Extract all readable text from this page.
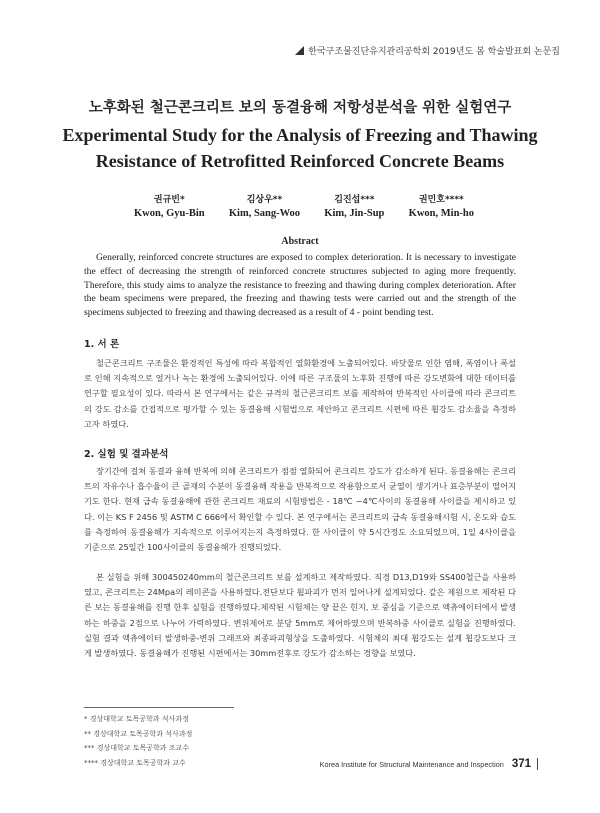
한국구조물진단유지관리공학회 2019년도 봄 학술발표회 논문집
노후화된 철근콘크리트 보의 동결융해 저항성분석을 위한 실험연구
Experimental Study for the Analysis of Freezing and Thawing
Resistance of Retrofitted Reinforced Concrete Beams
권규빈*
Kwon, Gyu-Bin
김상우**
Kim, Sang-Woo
김진섭***
Kim, Jin-Sup
권민호****
Kwon, Min-ho
Abstract
Generally, reinforced concrete structures are exposed to complex deterioration. It is necessary to investigate the effect of decreasing the strength of reinforced concrete structures subjected to aging more frequently. Therefore, this study aims to analyze the resistance to freezing and thawing during complex deterioration. After the beam specimens were prepared, the freezing and thawing tests were carried out and the strength of the specimens subjected to freezing and thawing decreased as a result of 4 - point bending test.
1. 서 론
철근콘크리트 구조물은 환경적인 특성에 따라 복합적인 열화환경에 노출되어있다. 바닷물로 인한 염해, 폭염이나 폭설로 인해 지속적으로 얼거나 녹는 환경에 노출되어있다. 이에 따른 구조물의 노후화 진행에 따른 강도변화에 대한 데이터를 연구할 필요성이 있다. 따라서 본 연구에서는 같은 규격의 철근콘크리트 보를 제작하여 반복적인 사이클에 따라 콘크리트의 강도 감소를 간접적으로 평가할 수 있는 동결융해 시험법으로 제안하고 콘크리트 시편에 따른 휨강도 감소율을 측정하고자 하였다.
2. 실험 및 결과분석
장기간에 걸쳐 동결과 융해 반복에 의해 콘크리트가 점점 열화되어 콘크리트 강도가 감소하게 된다. 동결융해는 콘크리트의 자유수나 흡수율이 큰 골재의 수분이 동결융해 작용을 반복적으로 작용함으로서 균열이 생기거나 표층부분이 떨어지기도 한다. 현재 급속 동결융해에 관한 콘크리트 재료의 시험방법은 - 18℃ ~4℃사이의 동결융해 사이클을 제시하고 있다. 이는 KS F 2456 및 ASTM C 666에서 확인할 수 있다. 본 연구에서는 콘크리트의 급속 동결융해시험 시, 온도와 습도를 측정하여 동결융해가 지속적으로 이루어지는지 측정하였다. 한 사이클이 약 5시간정도 소요되었으며, 1일 4사이클을 기준으로 25일간 100사이클의 동결융해가 진행되었다.
본 실험을 위해 300450240mm의 철근콘크리트 보를 설계하고 제작하였다. 직경 D13,D19와 SS400철근을 사용하였고, 콘크리트는 24Mpa의 레미콘을 사용하였다.전단보다 휨파괴가 먼저 일어나게 설계되었다. 같은 제원으로 제작된 다른 보는 동결융해를 진행 한후 실험을 진행하였다.제작된 시험체는 양 끝은 힌지, 보 중심을 기준으로 액츄에이터에서 발생하는 하중을 2점으로 나누어 가력하였다. 변위제어로 분당 5mm로 제어하였으며 반복하중 사이클로 실험을 진행하였다. 실험 결과 액츄에이터 발생하중-변위 그래프와 최종파괴형상을 도출하였다. 시험체의 최대 휨강도는 설계 휨강도보다 크게 발생하였다. 동결융해가 진행된 시편에서는 30mm전후로 강도가 감소하는 경향을 보였다.
* 경상대학교 토목공학과 석사과정
** 경상대학교 토목공학과 석사과정
*** 경상대학교 토목공학과 조교수
**** 경상대학교 토목공학과 교수	Korea Institute for Structural Maintenance and Inspection 371
